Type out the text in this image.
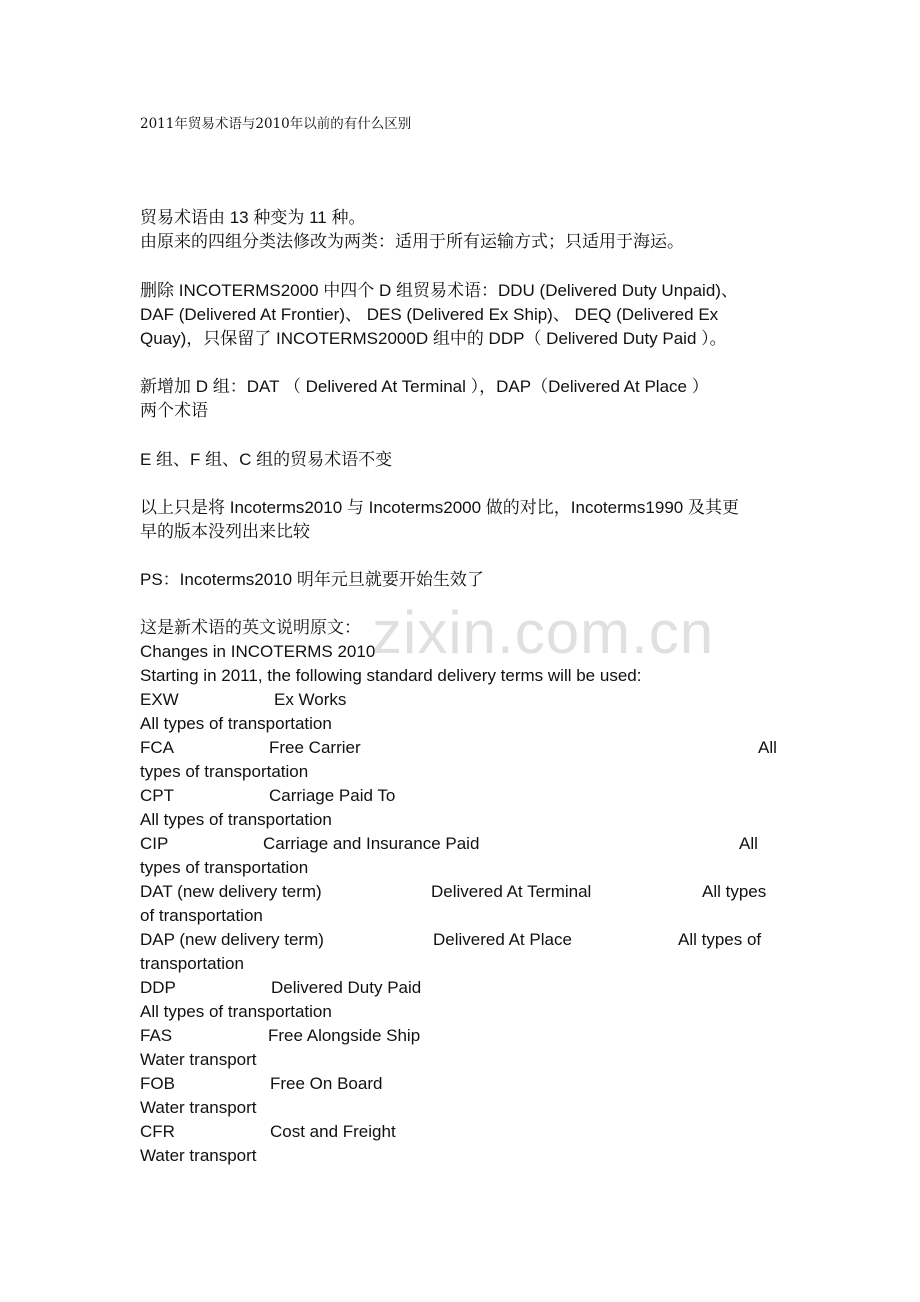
2011年贸易术语与2010年以前的有什么区别
贸易术语由 13 种变为 11 种。
由原来的四组分类法修改为两类：适用于所有运输方式；只适用于海运。
删除 INCOTERMS2000 中四个 D 组贸易术语：DDU (Delivered Duty Unpaid)、
DAF (Delivered At Frontier)、 DES (Delivered Ex Ship)、 DEQ (Delivered Ex
Quay)，只保留了 INCOTERMS2000D 组中的 DDP（ Delivered Duty Paid ）。
新增加 D 组：DAT （ Delivered At Terminal ），DAP（Delivered At Place ）
两个术语
E 组、F 组、C 组的贸易术语不变
以上只是将 Incoterms2010 与 Incoterms2000 做的对比，Incoterms1990 及其更
早的版本没列出来比较
PS：Incoterms2010 明年元旦就要开始生效了
这是新术语的英文说明原文：
Changes in INCOTERMS 2010
Starting in 2011, the following standard delivery terms will be used:
EXW	Ex Works
All types of transportation
FCA	Free Carrier	All
types of transportation
CPT	Carriage Paid To
All types of transportation
CIP	Carriage and Insurance Paid	All
types of transportation
DAT (new delivery term)	Delivered At Terminal	All types
of transportation
DAP (new delivery term)	Delivered At Place	All types of
transportation
DDP	Delivered Duty Paid
All types of transportation
FAS	Free Alongside Ship
Water transport
FOB	Free On Board
Water transport
CFR	Cost and Freight
Water transport
zixin.com.cn
